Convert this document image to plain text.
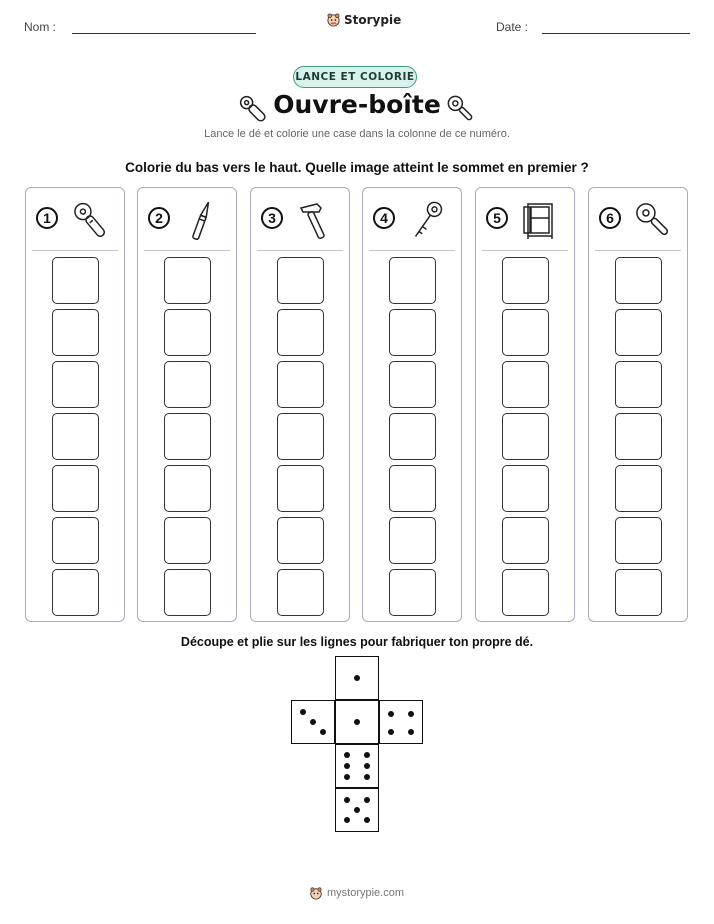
Nom :
Storypie
Date :
LANCE ET COLORIE
Ouvre-boîte
Lance le dé et colorie une case dans la colonne de ce numéro.
Colorie du bas vers le haut. Quelle image atteint le sommet en premier ?
1	2	3	4	5	6
Découpe et plie sur les lignes pour fabriquer ton propre dé.
mystorypie.com
